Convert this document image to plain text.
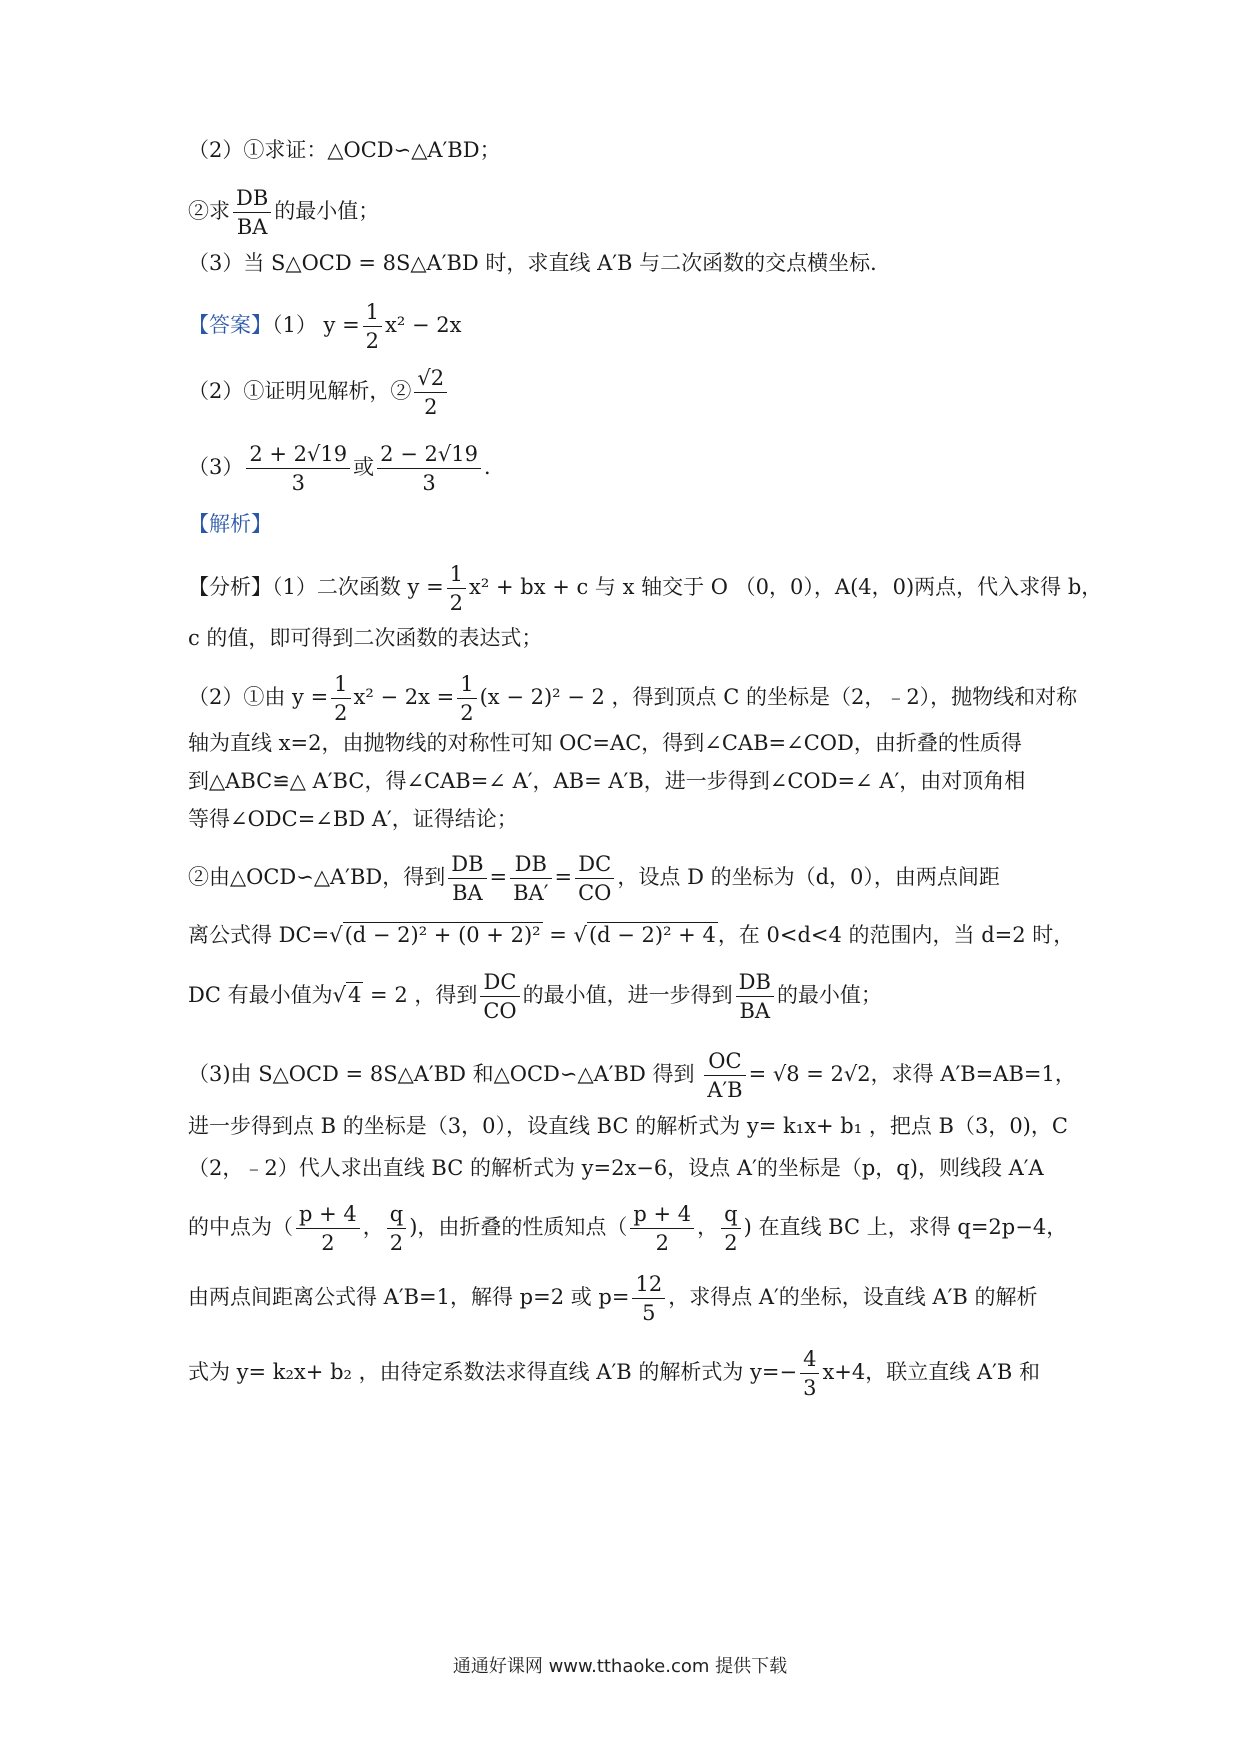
（2）①求证：△OCD∽△A′BD；
②求 $\frac{DB}{BA}$ 的最小值；
（3）当 S△OCD = 8S△A′BD 时，求直线 A′B 与二次函数的交点横坐标．
【答案】（1） $y = \frac{1}{2} x^2 - 2x$
（2）①证明见解析，② $\frac{√2}{2}$
$(3) \frac{2 + 2√19}{3}$ 或 $\frac{2 - 2√19}{3}$ ．
【解析】
【分析】（1）二次函数 $y = \frac{1}{2} x^2$ + bx + c 与 x 轴交于 O （0，0），A(4，0)两点，代入求得 b，
c 的值，即可得到二次函数的表达式；
（2）①由 $y = \frac{1}{2} x^2 - 2x = \frac{1}{2} (x - 2)^2 - 2$ ，得到顶点 C 的坐标是（2，﹣2），抛物线和对称
轴为直线 x=2，由抛物线的对称性可知 OC=AC，得到∠CAB=∠COD，由折叠的性质得
到△ABC≌△ A′BC，得∠CAB=∠ A′，AB= A′B，进一步得到∠COD=∠ A′，由对顶角相
等得∠ODC=∠BD A′，证得结论；
②由△OCD∽△A′BD，得到 $\frac{DB}{BA} = \frac{DB}{BA'} = \frac{DC}{CO}$ ，设点 D 的坐标为（d，0），由两点间距
离公式得 DC=√(d − 2)² + (0 + 2)² = √(d − 2)² + 4，在 0<d<4 的范围内，当 d=2 时，
DC 有最小值为√4 = 2 ，得到 $\frac{DC}{CO}$ 的最小值，进一步得到 $\frac{DB}{BA}$ 的最小值；
（3)由 S△OCD = 8S△A′BD 和△OCD∽△A′BD 得到 $\frac{OC}{A'B} = √8 = 2√2$，求得 A′B=AB=1，
进一步得到点 B 的坐标是（3，0），设直线 BC 的解析式为 y= k₁x+ b₁ ，把点 B（3，0)，C
（2，﹣2）代人求出直线 BC 的解析式为 y=2x−6，设点 A′的坐标是（p，q)，则线段 A′A
的中点为（ $\frac{p + 4}{2}$ ， $\frac{q}{2}$ )，由折叠的性质知点（ $\frac{p + 4}{2}$ ， $\frac{q}{2}$ ) 在直线 BC 上，求得 q=2p−4，
由两点间距离公式得 A′B=1，解得 p=2 或 $p= \frac{12}{5}$ ，求得点 A′的坐标，设直线 A′B 的解析
式为 y= k₂x+ b₂ ，由待定系数法求得直线 A′B 的解析式为 $y=- \frac{4}{3} x+4$，联立直线 A′B 和
通通好课网 www.tthaoke.com 提供下载
